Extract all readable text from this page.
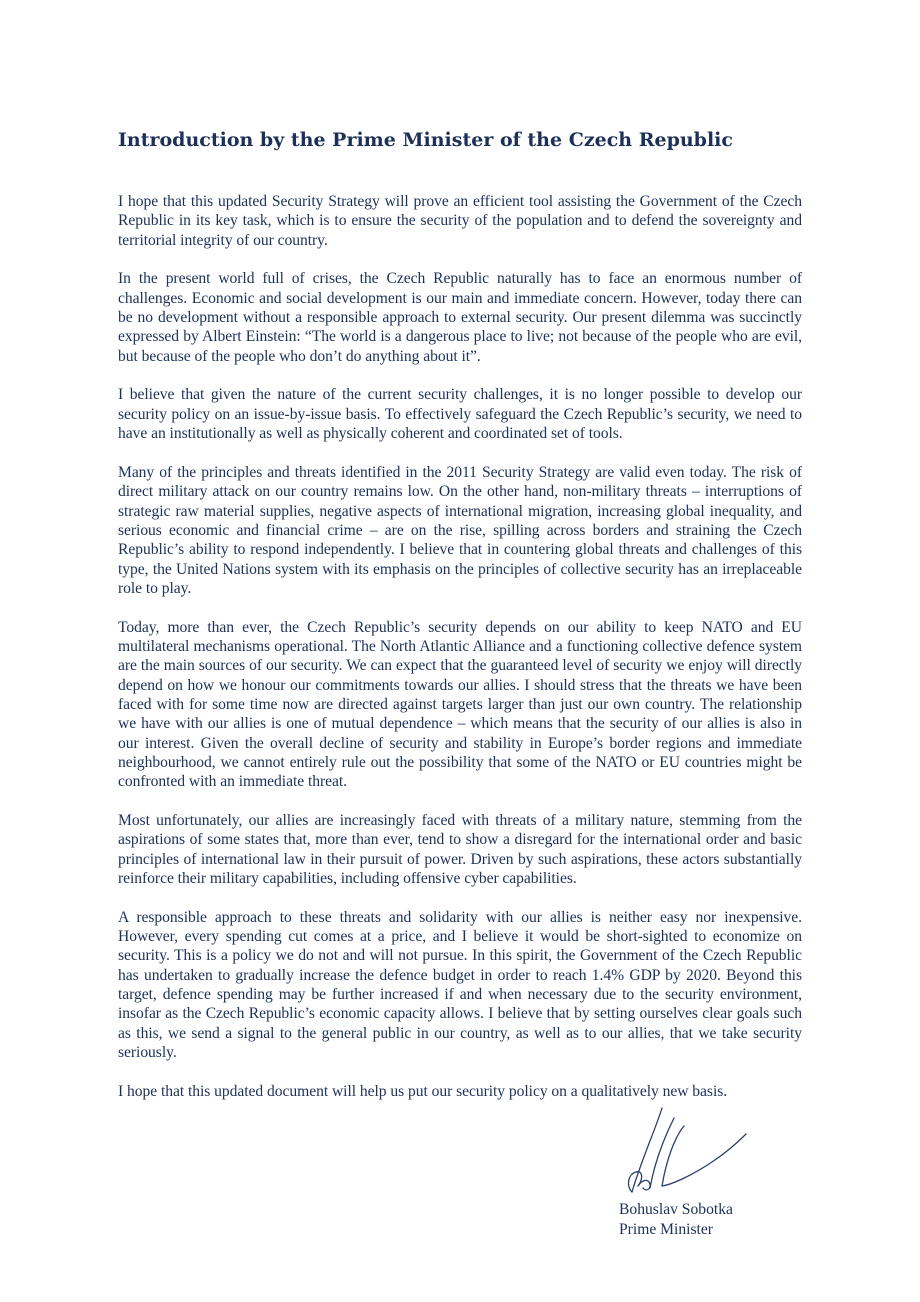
Introduction by the Prime Minister of the Czech Republic

I hope that this updated Security Strategy will prove an efficient tool assisting the Government of the Czech Republic in its key task, which is to ensure the security of the population and to defend the sovereignty and territorial integrity of our country.

In the present world full of crises, the Czech Republic naturally has to face an enormous number of challenges. Economic and social development is our main and immediate concern. However, today there can be no development without a responsible approach to external security. Our present dilemma was succinctly expressed by Albert Einstein: “The world is a dangerous place to live; not because of the people who are evil, but because of the people who don’t do anything about it”.

I believe that given the nature of the current security challenges, it is no longer possible to develop our security policy on an issue-by-issue basis. To effectively safeguard the Czech Republic’s security, we need to have an institutionally as well as physically coherent and coordinated set of tools.

Many of the principles and threats identified in the 2011 Security Strategy are valid even today. The risk of direct military attack on our country remains low. On the other hand, non-military threats – interruptions of strategic raw material supplies, negative aspects of international migration, increasing global inequality, and serious economic and financial crime – are on the rise, spilling across borders and straining the Czech Republic’s ability to respond independently. I believe that in countering global threats and challenges of this type, the United Nations system with its emphasis on the principles of collective security has an irreplaceable role to play.

Today, more than ever, the Czech Republic’s security depends on our ability to keep NATO and EU multilateral mechanisms operational. The North Atlantic Alliance and a functioning collective defence system are the main sources of our security. We can expect that the guaranteed level of security we enjoy will directly depend on how we honour our commitments towards our allies. I should stress that the threats we have been faced with for some time now are directed against targets larger than just our own country. The relationship we have with our allies is one of mutual dependence – which means that the security of our allies is also in our interest. Given the overall decline of security and stability in Europe’s border regions and immediate neighbourhood, we cannot entirely rule out the possibility that some of the NATO or EU countries might be confronted with an immediate threat.

Most unfortunately, our allies are increasingly faced with threats of a military nature, stemming from the aspirations of some states that, more than ever, tend to show a disregard for the international order and basic principles of international law in their pursuit of power. Driven by such aspirations, these actors substantially reinforce their military capabilities, including offensive cyber capabilities.

A responsible approach to these threats and solidarity with our allies is neither easy nor inexpensive. However, every spending cut comes at a price, and I believe it would be short-sighted to economize on security. This is a policy we do not and will not pursue. In this spirit, the Government of the Czech Republic has undertaken to gradually increase the defence budget in order to reach 1.4% GDP by 2020. Beyond this target, defence spending may be further increased if and when necessary due to the security environment, insofar as the Czech Republic’s economic capacity allows. I believe that by setting ourselves clear goals such as this, we send a signal to the general public in our country, as well as to our allies, that we take security seriously.

I hope that this updated document will help us put our security policy on a qualitatively new basis.

Bohuslav Sobotka
Prime Minister
